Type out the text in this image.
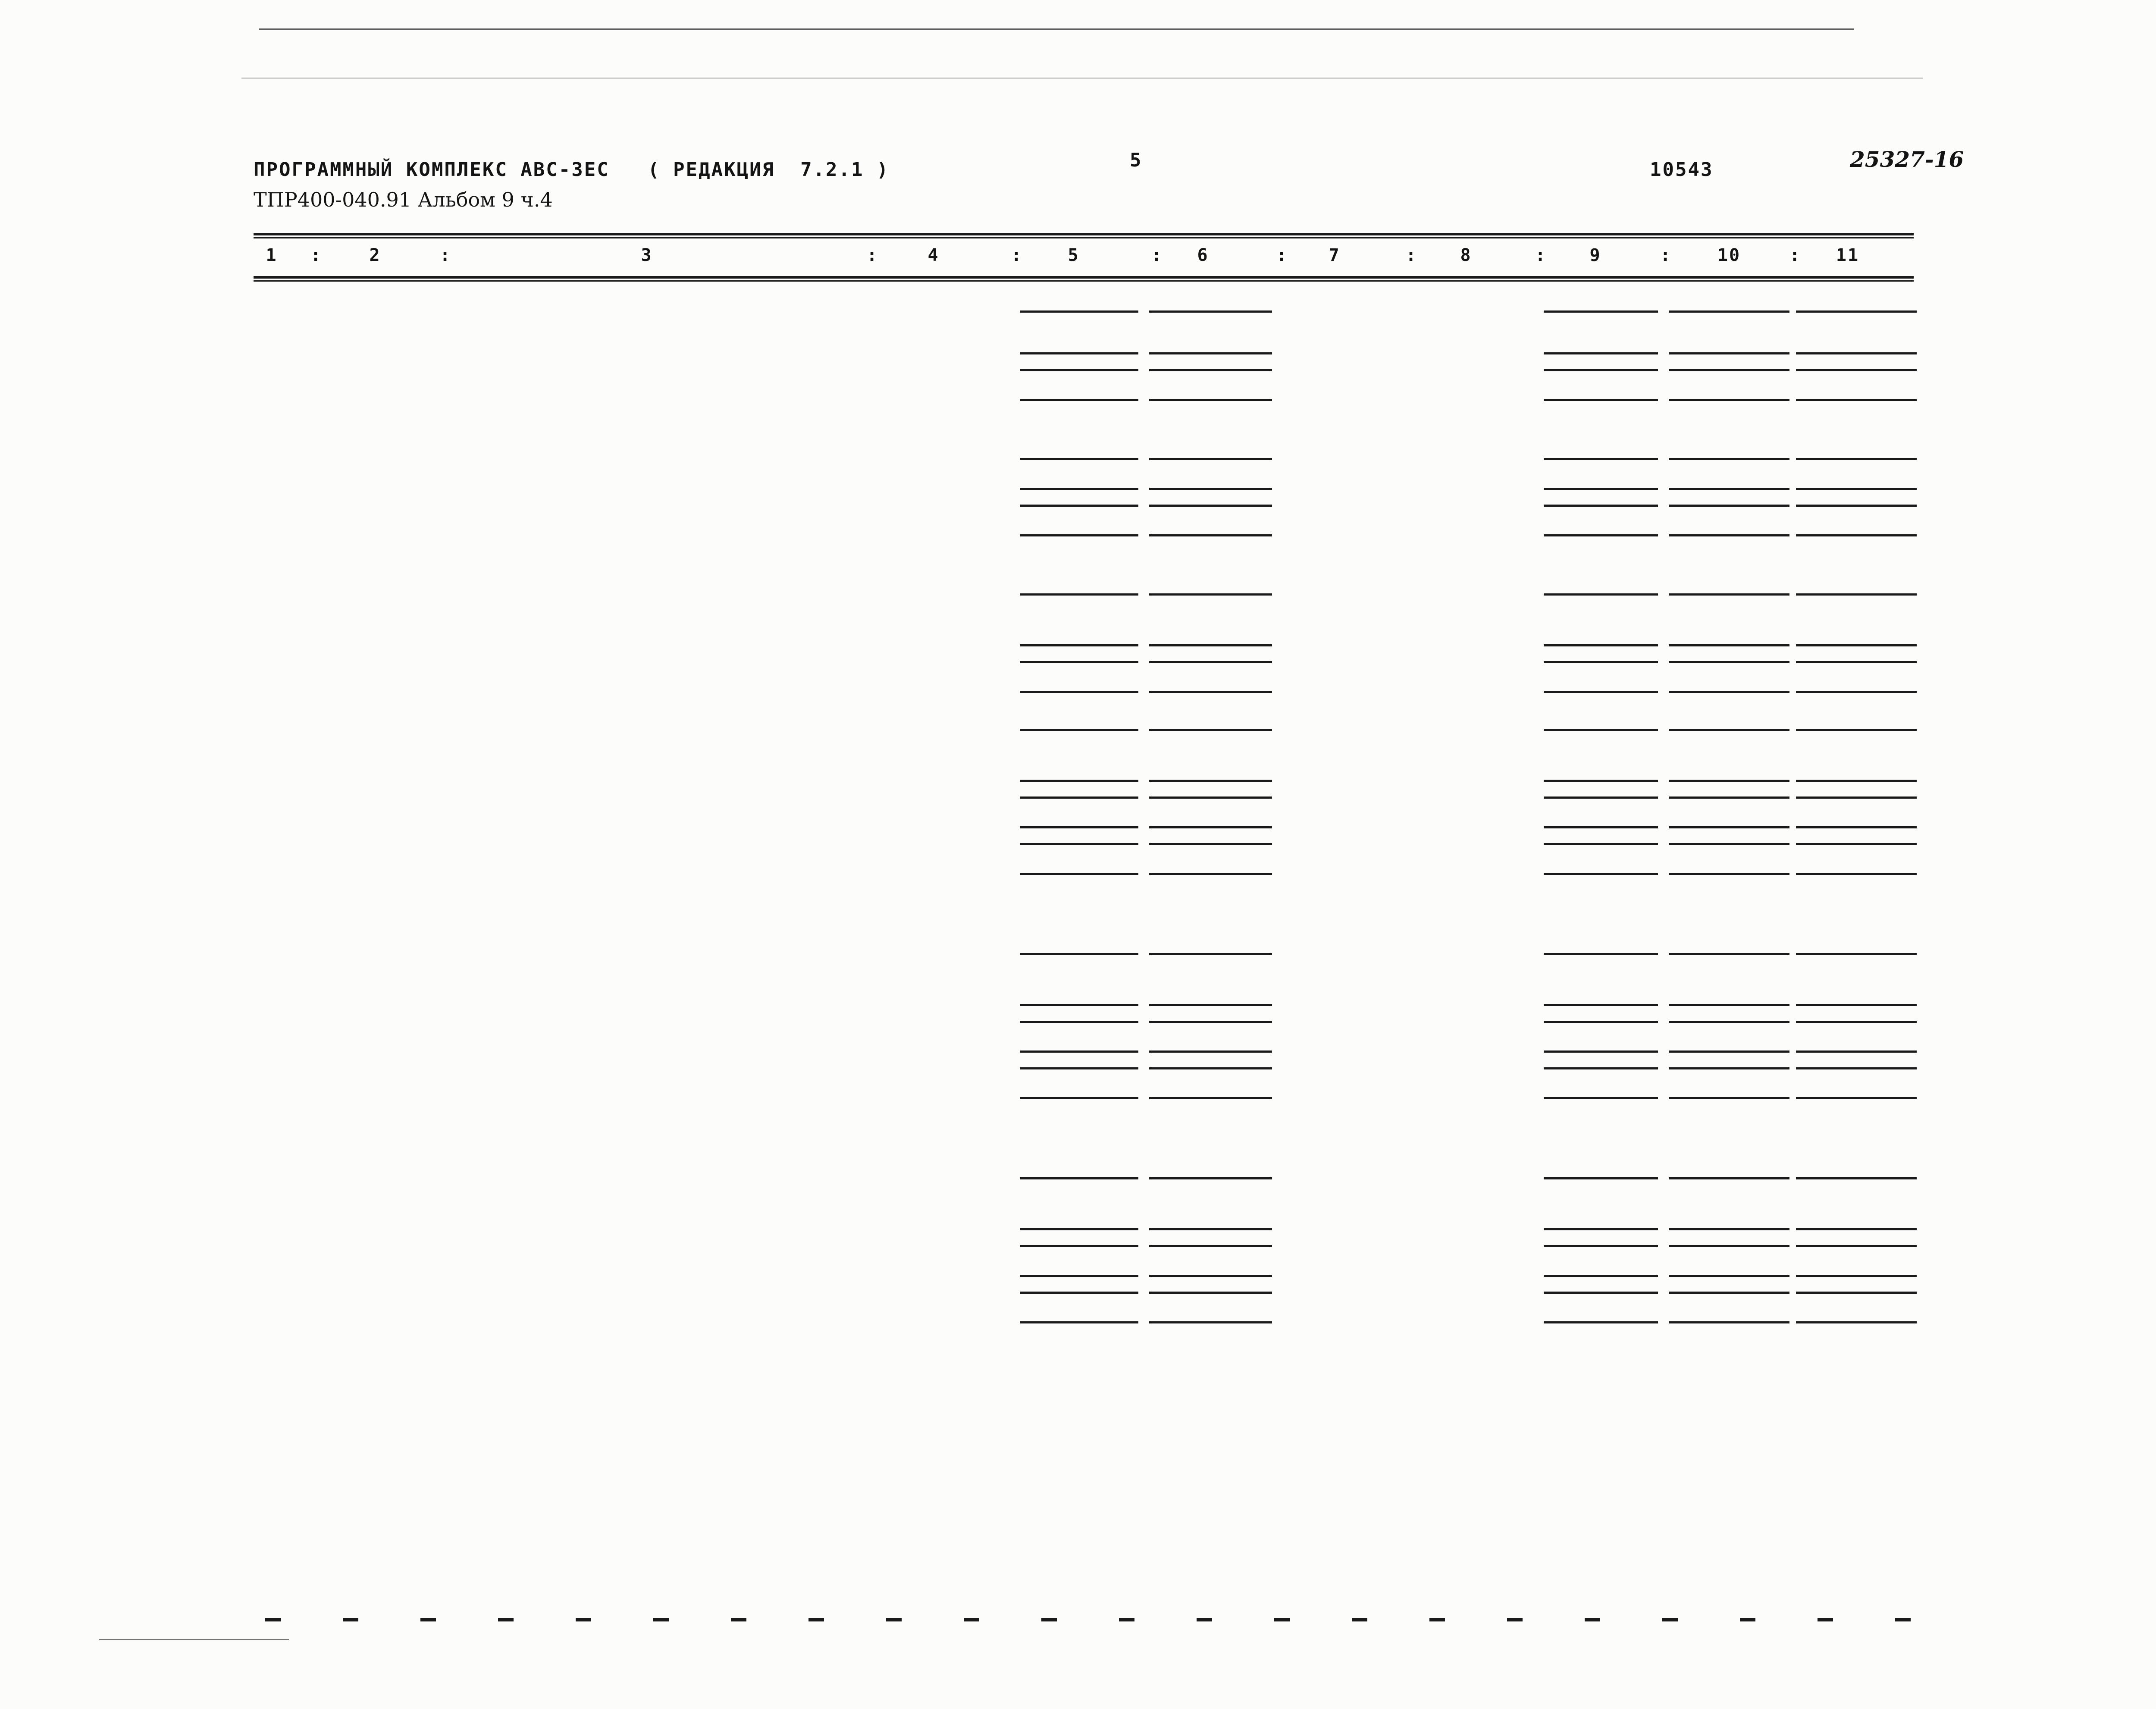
ПРОГРАММНЫЙ КОМПЛЕКС АВС-3ЕС   ( РЕДАКЦИЯ  7.2.1 )	5	10543	25327-16
ТПР400-040.91 Альбом 9 ч.4
1	2	3	4	5	6	7	8	9	10	11
:	:	:	:	:	:	:	:	:	:
